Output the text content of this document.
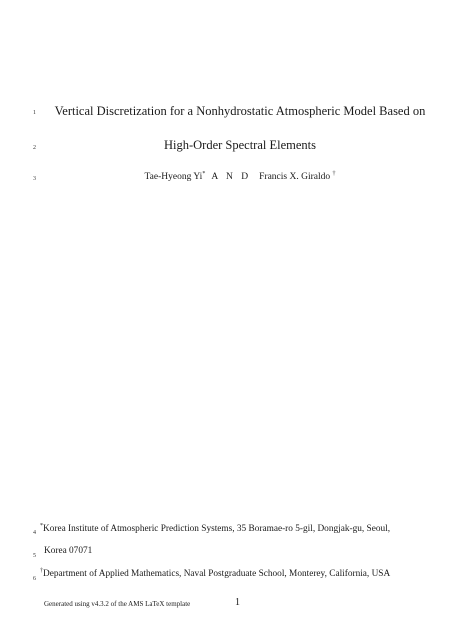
1	Vertical Discretization for a Nonhydrostatic Atmospheric Model Based on
2	High-Order Spectral Elements
3	Tae-Hyeong Yi* A N D Francis X. Giraldo †
4
*Korea Institute of Atmospheric Prediction Systems, 35 Boramae-ro 5-gil, Dongjak-gu, Seoul,
5 Korea 07071
6
†Department of Applied Mathematics, Naval Postgraduate School, Monterey, California, USA
Generated using v4.3.2 of the AMS LaTeX template	1
